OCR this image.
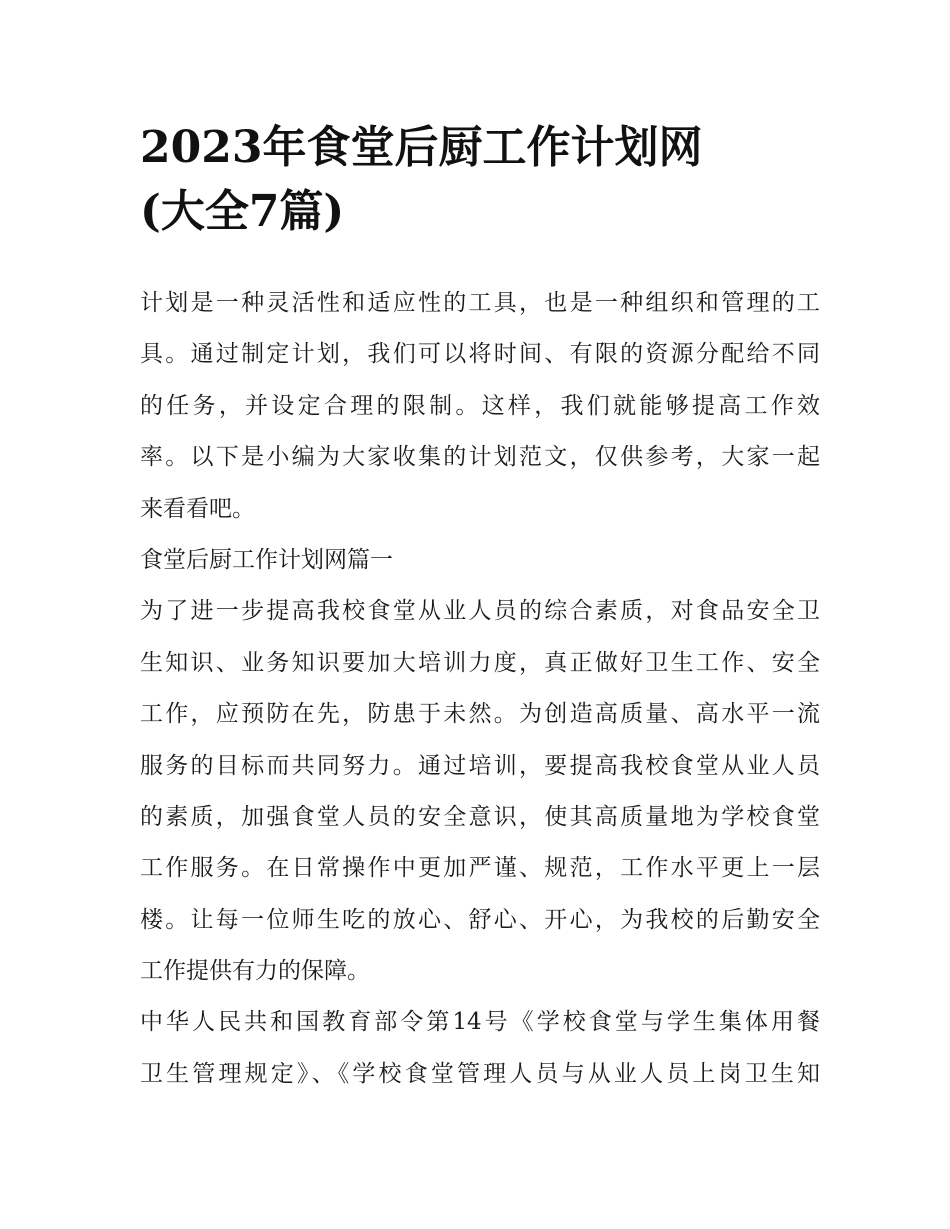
2023年食堂后厨工作计划网
(大全7篇)
计划是一种灵活性和适应性的工具，也是一种组织和管理的工
具。通过制定计划，我们可以将时间、有限的资源分配给不同
的任务，并设定合理的限制。这样，我们就能够提高工作效
率。以下是小编为大家收集的计划范文，仅供参考，大家一起
来看看吧。
食堂后厨工作计划网篇一
为了进一步提高我校食堂从业人员的综合素质，对食品安全卫
生知识、业务知识要加大培训力度，真正做好卫生工作、安全
工作，应预防在先，防患于未然。为创造高质量、高水平一流
服务的目标而共同努力。通过培训，要提高我校食堂从业人员
的素质，加强食堂人员的安全意识，使其高质量地为学校食堂
工作服务。在日常操作中更加严谨、规范，工作水平更上一层
楼。让每一位师生吃的放心、舒心、开心，为我校的后勤安全
工作提供有力的保障。
中华人民共和国教育部令第14号《学校食堂与学生集体用餐
卫生管理规定》、《学校食堂管理人员与从业人员上岗卫生知
